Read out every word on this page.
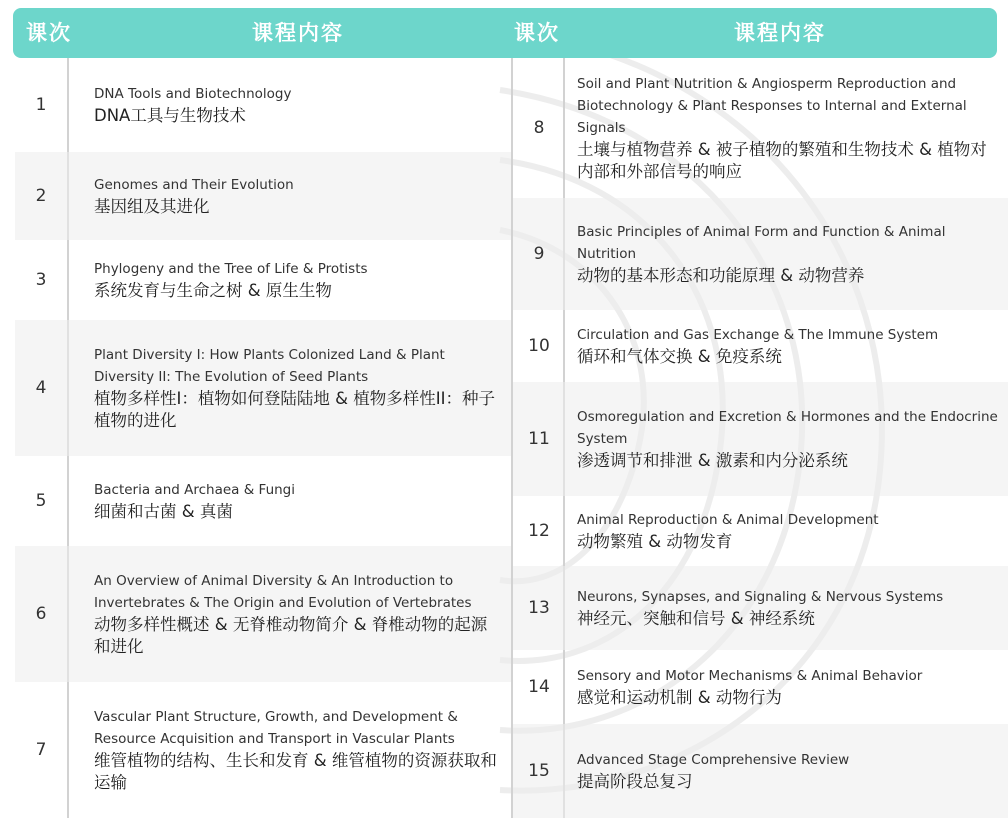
课次	课程内容	课次	课程内容
1
DNA Tools and Biotechnology
DNA工具与生物技术
2
Genomes and Their Evolution
基因组及其进化
3
Phylogeny and the Tree of Life & Protists
系统发育与生命之树 & 原生生物
4
Plant Diversity I: How Plants Colonized Land & Plant Diversity II: The Evolution of Seed Plants
植物多样性I：植物如何登陆陆地 & 植物多样性II：种子植物的进化
5
Bacteria and Archaea & Fungi
细菌和古菌 & 真菌
6
An Overview of Animal Diversity & An Introduction to Invertebrates & The Origin and Evolution of Vertebrates
动物多样性概述 & 无脊椎动物简介 & 脊椎动物的起源和进化
7
Vascular Plant Structure, Growth, and Development & Resource Acquisition and Transport in Vascular Plants
维管植物的结构、生长和发育 & 维管植物的资源获取和运输
8
Soil and Plant Nutrition & Angiosperm Reproduction and Biotechnology & Plant Responses to Internal and External Signals
土壤与植物营养 & 被子植物的繁殖和生物技术 & 植物对内部和外部信号的响应
9
Basic Principles of Animal Form and Function & Animal Nutrition
动物的基本形态和功能原理 & 动物营养
10
Circulation and Gas Exchange & The Immune System
循环和气体交换 & 免疫系统
11
Osmoregulation and Excretion & Hormones and the Endocrine System
渗透调节和排泄 & 激素和内分泌系统
12
Animal Reproduction & Animal Development
动物繁殖 & 动物发育
13
Neurons, Synapses, and Signaling & Nervous Systems
神经元、突触和信号 & 神经系统
14
Sensory and Motor Mechanisms & Animal Behavior
感觉和运动机制 & 动物行为
15
Advanced Stage Comprehensive Review
提高阶段总复习
